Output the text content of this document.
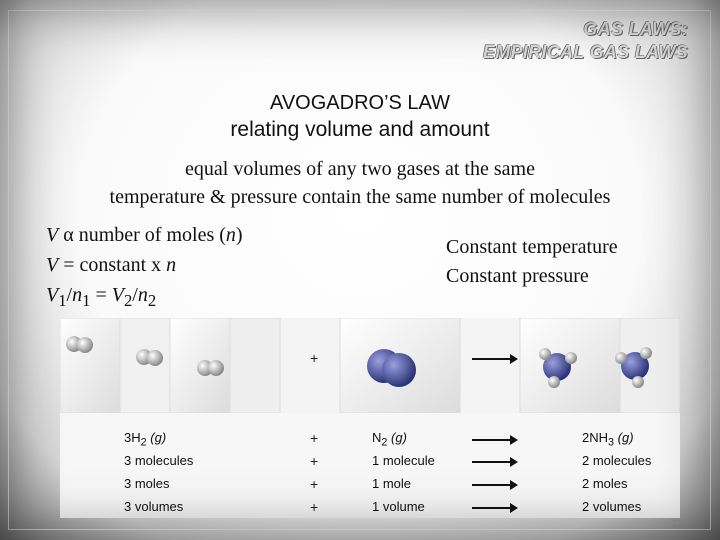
GAS LAWS:
EMPIRICAL GAS LAWS
AVOGADRO’S LAW
relating volume and amount
equal volumes of any two gases at the same
temperature & pressure contain the same number of molecules
V α number of moles (n)
V = constant x n
$V_1/n_1 = V_2/n_2$
Constant temperature
Constant pressure
+
$3H_2$ (g)	+	$N_2$ (g)	$2NH_3$ (g)
3 molecules	+	1 molecule	2 molecules
3 moles	+	1 mole	2 moles
3 volumes	+	1 volume	2 volumes
22
